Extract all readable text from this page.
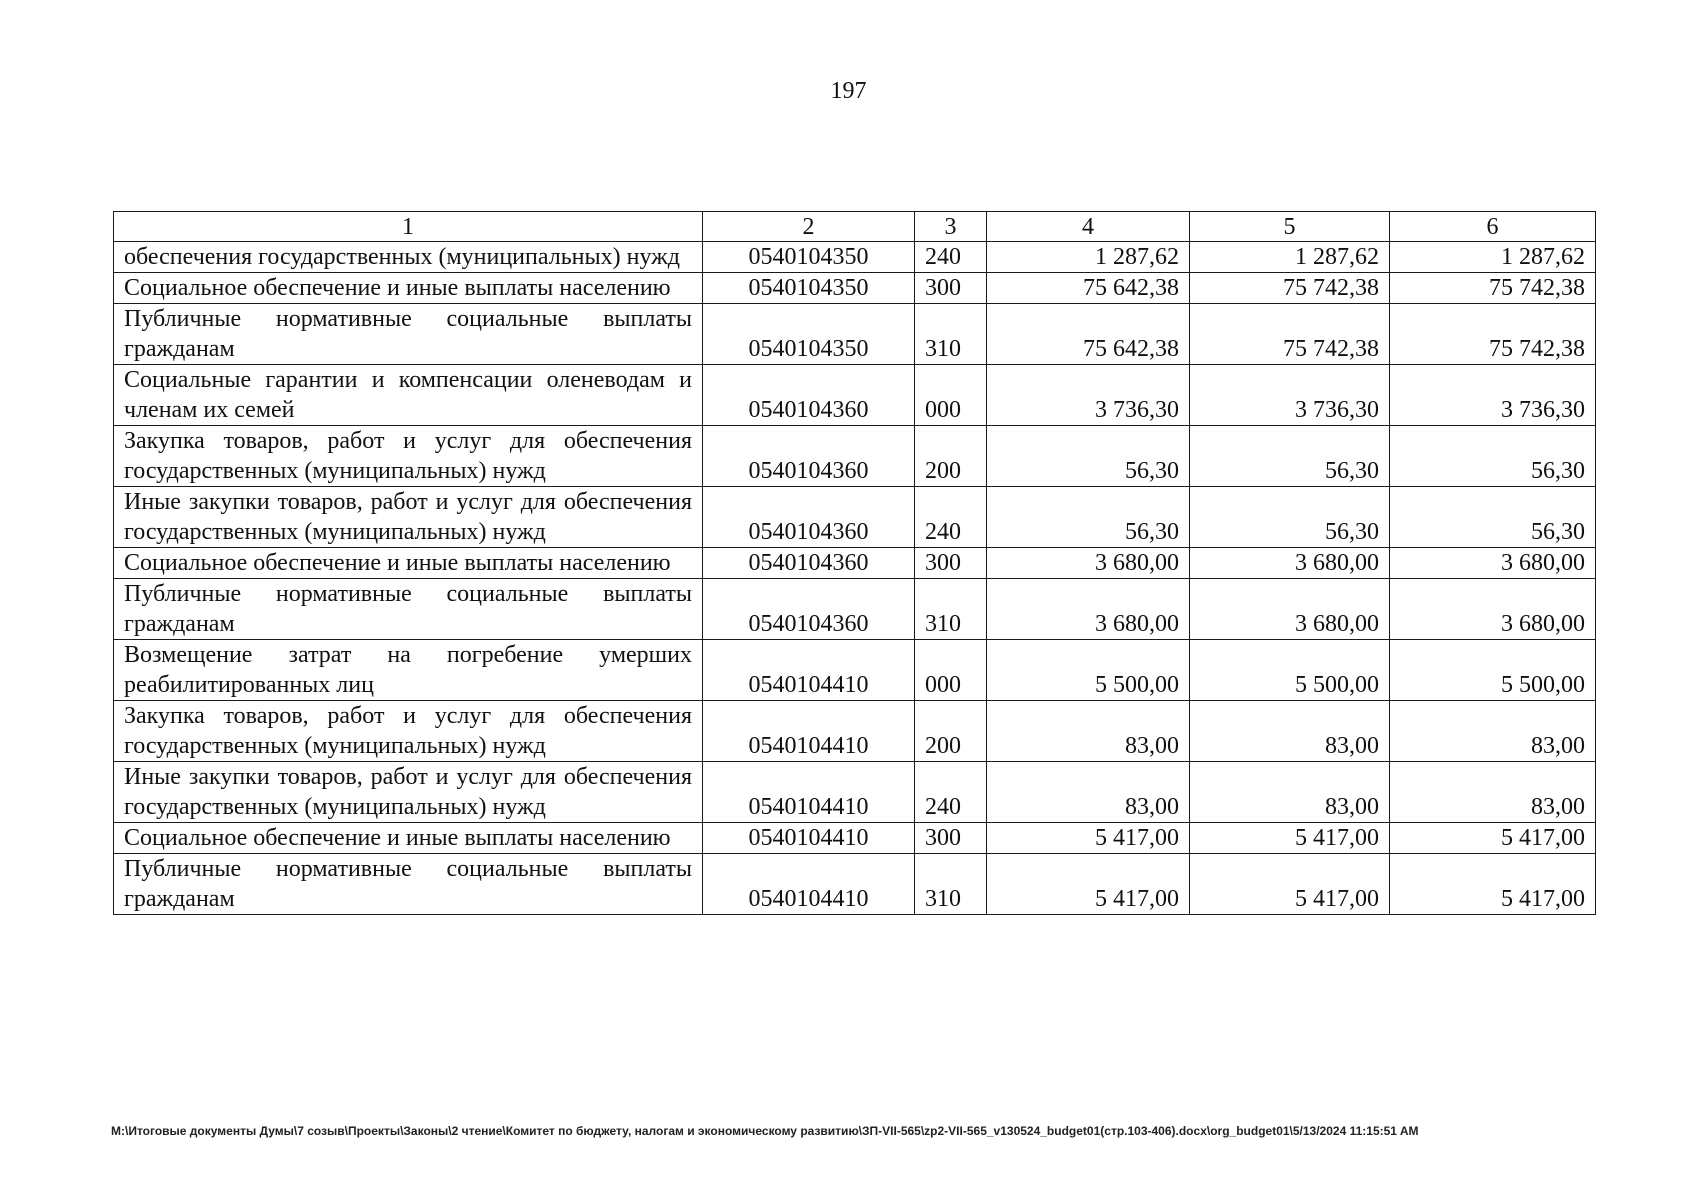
197
1	2	3	4	5	6
обеспечения государственных (муниципальных) нужд	0540104350	240	1 287,62	1 287,62	1 287,62
Социальное обеспечение и иные выплаты населению	0540104350	300	75 642,38	75 742,38	75 742,38
Публичные нормативные социальные выплаты гражданам	0540104350	310	75 642,38	75 742,38	75 742,38
Социальные гарантии и компенсации оленеводам и членам их семей	0540104360	000	3 736,30	3 736,30	3 736,30
Закупка товаров, работ и услуг для обеспечения государственных (муниципальных) нужд	0540104360	200	56,30	56,30	56,30
Иные закупки товаров, работ и услуг для обеспечения государственных (муниципальных) нужд	0540104360	240	56,30	56,30	56,30
Социальное обеспечение и иные выплаты населению	0540104360	300	3 680,00	3 680,00	3 680,00
Публичные нормативные социальные выплаты гражданам	0540104360	310	3 680,00	3 680,00	3 680,00
Возмещение затрат на погребение умерших реабилитированных лиц	0540104410	000	5 500,00	5 500,00	5 500,00
Закупка товаров, работ и услуг для обеспечения государственных (муниципальных) нужд	0540104410	200	83,00	83,00	83,00
Иные закупки товаров, работ и услуг для обеспечения государственных (муниципальных) нужд	0540104410	240	83,00	83,00	83,00
Социальное обеспечение и иные выплаты населению	0540104410	300	5 417,00	5 417,00	5 417,00
Публичные нормативные социальные выплаты гражданам	0540104410	310	5 417,00	5 417,00	5 417,00
M:\Итоговые документы Думы\7 созыв\Проекты\Законы\2 чтение\Комитет по бюджету, налогам и экономическому развитию\ЗП-VII-565\zp2-VII-565_v130524_budget01(стр.103-406).docx\org_budget01\5/13/2024 11:15:51 AM
